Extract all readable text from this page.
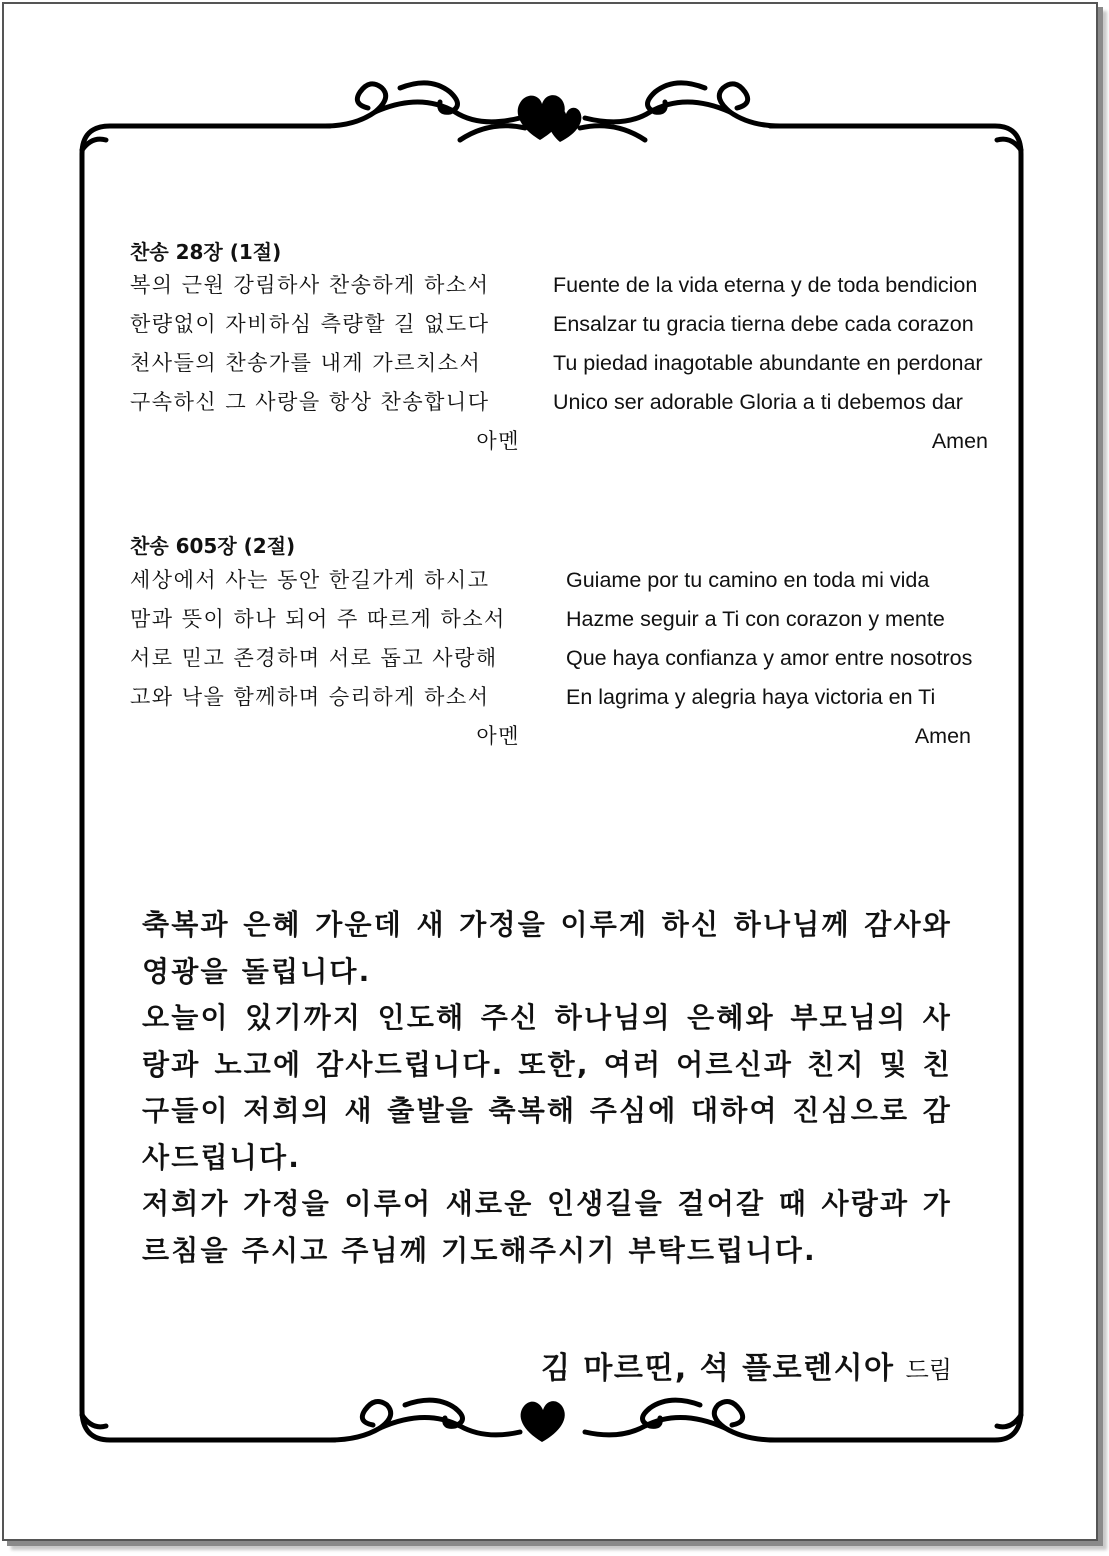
찬송 28장 (1절)
복의 근원 강림하사 찬송하게 하소서
한량없이 자비하심 측량할 길 없도다
천사들의 찬송가를 내게 가르치소서
구속하신 그 사랑을 항상 찬송합니다
아멘
Fuente de la vida eterna y de toda bendicion
Ensalzar tu gracia tierna debe cada corazon
Tu piedad inagotable abundante en perdonar
Unico ser adorable Gloria a ti debemos dar
Amen
찬송 605장 (2절)
세상에서 사는 동안 한길가게 하시고
맘과 뜻이 하나 되어 주 따르게 하소서
서로 믿고 존경하며 서로 돕고 사랑해
고와 낙을 함께하며 승리하게 하소서
아멘
Guiame por tu camino en toda mi vida
Hazme seguir a Ti con corazon y mente
Que haya confianza y amor entre nosotros
En lagrima y alegria haya victoria en Ti
Amen
축복과 은혜 가운데 새 가정을 이루게 하신 하나님께 감사와 영광을 돌립니다.
오늘이 있기까지 인도해 주신 하나님의 은혜와 부모님의 사랑과 노고에 감사드립니다. 또한, 여러 어르신과 친지 및 친구들이 저희의 새 출발을 축복해 주심에 대하여 진심으로 감사드립니다.
저희가 가정을 이루어 새로운 인생길을 걸어갈 때 사랑과 가르침을 주시고 주님께 기도해주시기 부탁드립니다.
김 마르띤, 석 플로렌시아 드림
